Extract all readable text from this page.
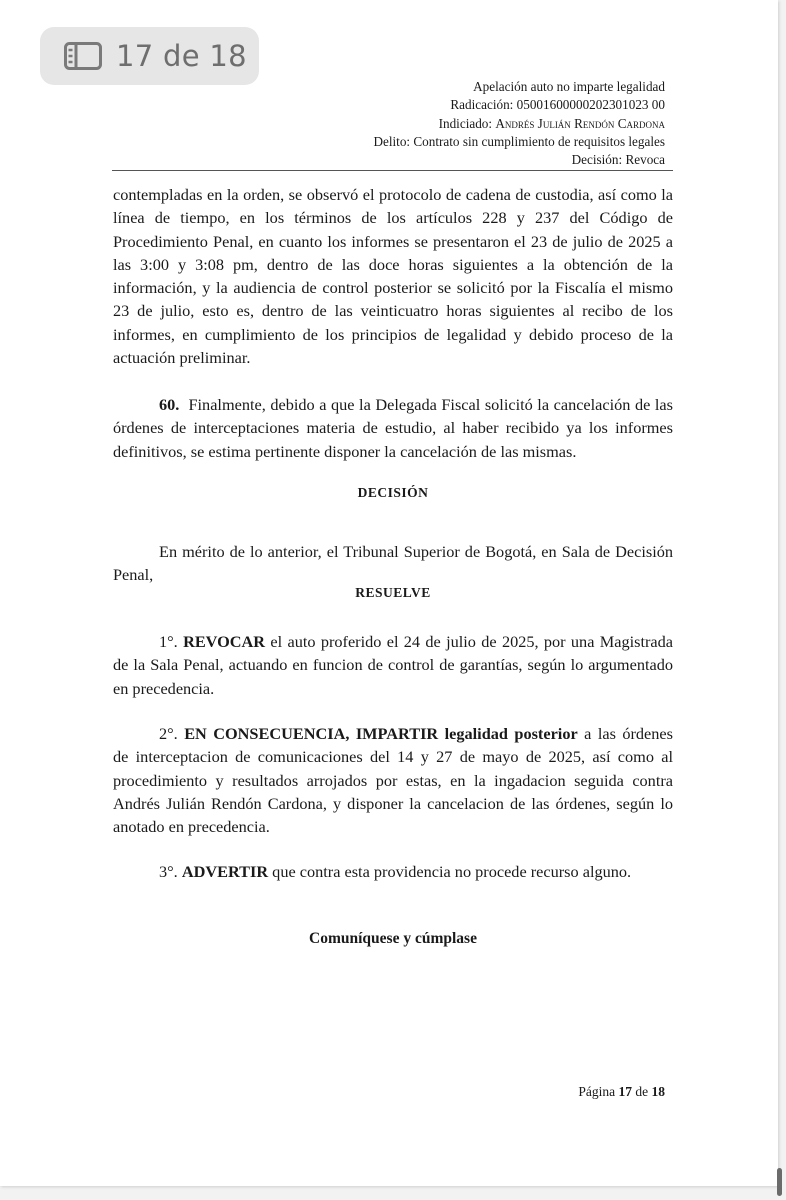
17 de 18
Apelación auto no imparte legalidad
Radicación: 05001600000202301023 00
Indiciado: Andrés Julián Rendón Cardona
Delito: Contrato sin cumplimiento de requisitos legales
Decisión: Revoca

contempladas en la orden, se observó el protocolo de cadena de custodia, así como la línea de tiempo, en los términos de los artículos 228 y 237 del Código de Procedimiento Penal, en cuanto los informes se presentaron el 23 de julio de 2025 a las 3:00 y 3:08 pm, dentro de las doce horas siguientes a la obtención de la información, y la audiencia de control posterior se solicitó por la Fiscalía el mismo 23 de julio, esto es, dentro de las veinticuatro horas siguientes al recibo de los informes, en cumplimiento de los principios de legalidad y debido proceso de la actuación preliminar.

60. Finalmente, debido a que la Delegada Fiscal solicitó la cancelación de las órdenes de interceptaciones materia de estudio, al haber recibido ya los informes definitivos, se estima pertinente disponer la cancelación de las mismas.

DECISIÓN

En mérito de lo anterior, el Tribunal Superior de Bogotá, en Sala de Decisión Penal,

RESUELVE

1°. REVOCAR el auto proferido el 24 de julio de 2025, por una Magistrada de la Sala Penal, actuando en funcion de control de garantías, según lo argumentado en precedencia.

2°. EN CONSECUENCIA, IMPARTIR legalidad posterior a las órdenes de interceptacion de comunicaciones del 14 y 27 de mayo de 2025, así como al procedimiento y resultados arrojados por estas, en la ingadacion seguida contra Andrés Julián Rendón Cardona, y disponer la cancelacion de las órdenes, según lo anotado en precedencia.

3°. ADVERTIR que contra esta providencia no procede recurso alguno.

Comuníquese y cúmplase
Página 17 de 18
